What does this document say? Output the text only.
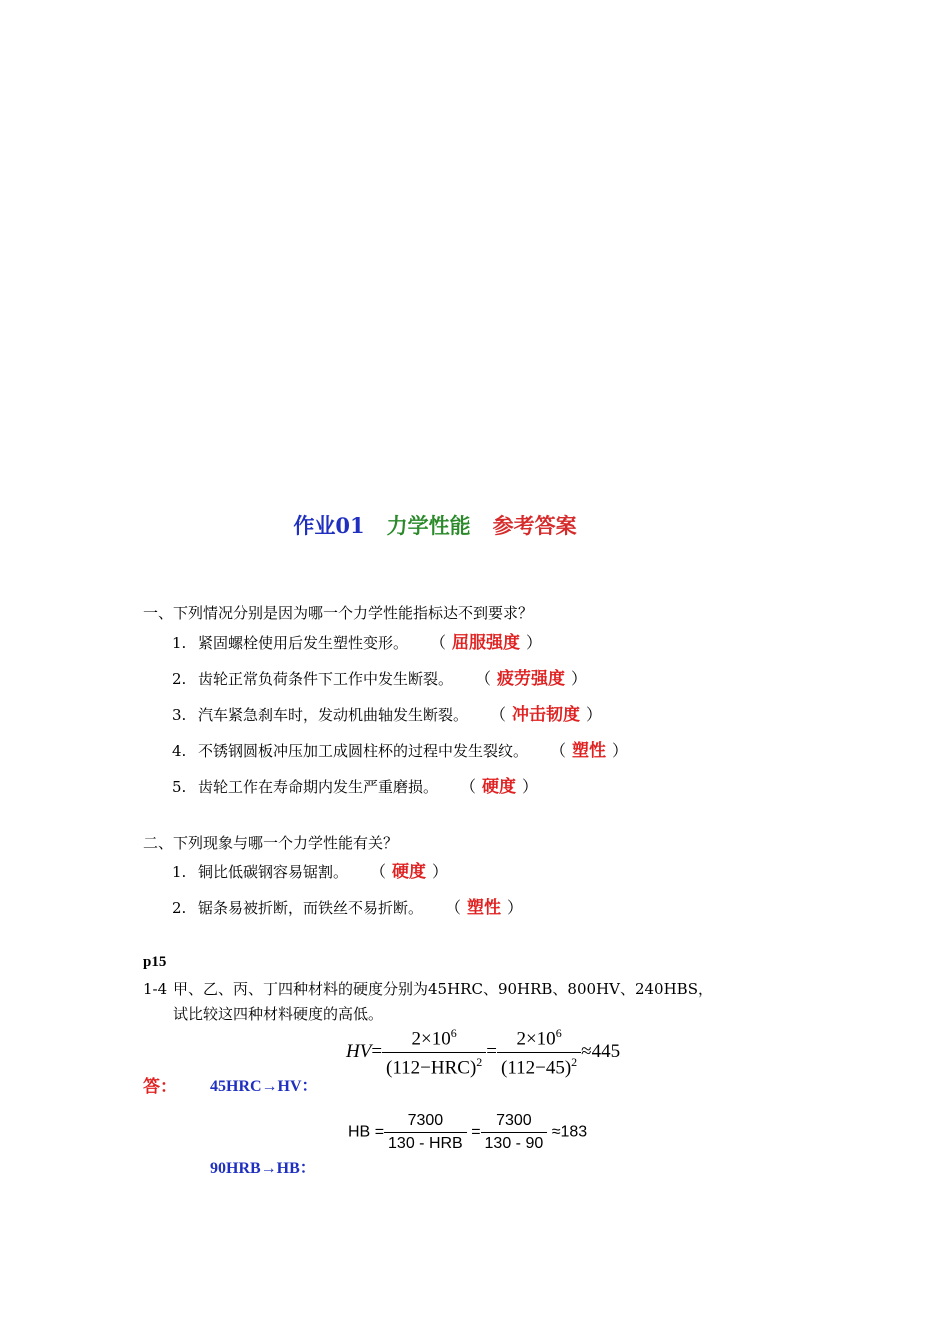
作业01 力学性能 参考答案
一、下列情况分别是因为哪一个力学性能指标达不到要求？
1. 紧固螺栓使用后发生塑性变形。 （ 屈服强度 ）
2. 齿轮正常负荷条件下工作中发生断裂。 （ 疲劳强度 ）
3. 汽车紧急刹车时，发动机曲轴发生断裂。 （ 冲击韧度 ）
4. 不锈钢圆板冲压加工成圆柱杯的过程中发生裂纹。 （ 塑性 ）
5. 齿轮工作在寿命期内发生严重磨损。 （ 硬度 ）
二、下列现象与哪一个力学性能有关？
1. 铜比低碳钢容易锯割。 （ 硬度 ）
2. 锯条易被折断，而铁丝不易折断。 （ 塑性 ）
p15
1-4 甲、乙、丙、丁四种材料的硬度分别为45HRC、90HRB、800HV、240HBS，
试比较这四种材料硬度的高低。
答：
$HV= \frac{2\times 10^6}{(112-HRC)^2} = \frac{2\times 10^6}{(112-45)^2} \approx 445$
45HRC→HV：
HB = $\frac{7300}{\text{130 - HRB}} = \frac{7300}{130 - 90} \approx 183$
90HRB→HB：
